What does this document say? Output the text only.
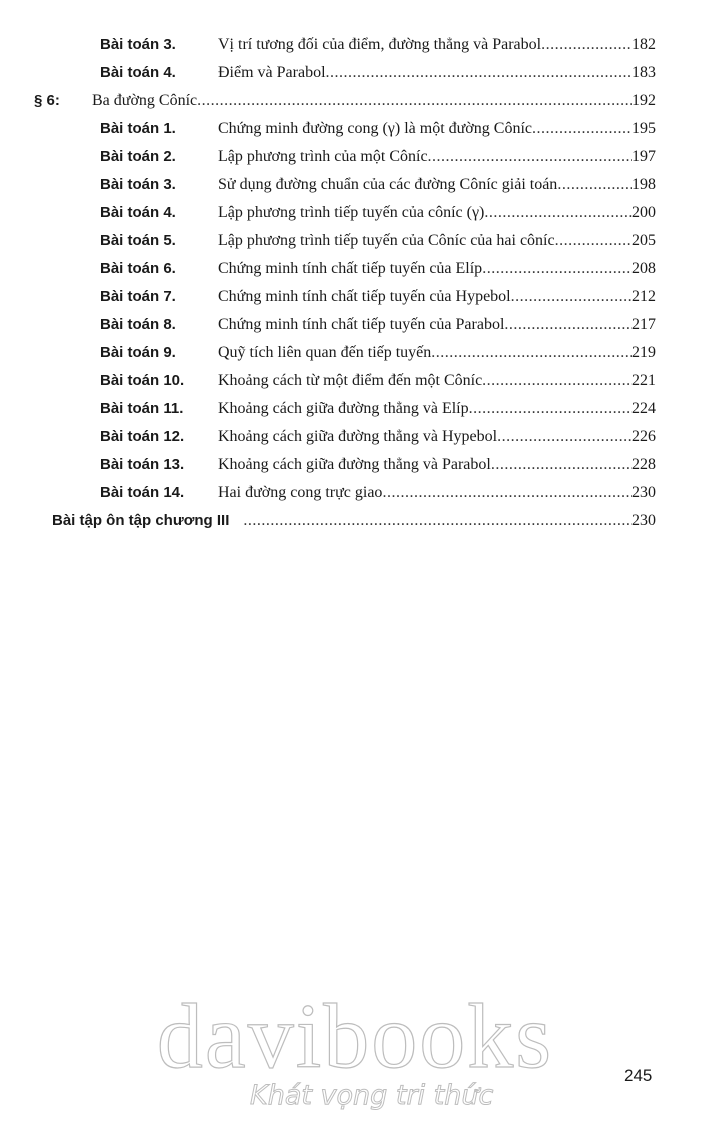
Bài toán 3.	Vị trí tương đối của điểm, đường thẳng và Parabol .....	182
Bài toán 4.	Điểm và Parabol .....	183
§ 6:	Ba đường Côníc .....	192
Bài toán 1.	Chứng minh đường cong (γ) là một đường Côníc .....	195
Bài toán 2.	Lập phương trình của một Côníc .....	197
Bài toán 3.	Sử dụng đường chuẩn của các đường Côníc giải toán .....	198
Bài toán 4.	Lập phương trình tiếp tuyến của côníc (γ) .....	200
Bài toán 5.	Lập phương trình tiếp tuyến của Côníc của hai côníc .....	205
Bài toán 6.	Chứng minh tính chất tiếp tuyến của Elíp .....	208
Bài toán 7.	Chứng minh tính chất tiếp tuyến của Hypebol .....	212
Bài toán 8.	Chứng minh tính chất tiếp tuyến của Parabol .....	217
Bài toán 9.	Quỹ tích liên quan đến tiếp tuyến .....	219
Bài toán 10.	Khoảng cách từ một điểm đến một Côníc .....	221
Bài toán 11.	Khoảng cách giữa đường thẳng và Elíp .....	224
Bài toán 12.	Khoảng cách giữa đường thẳng và Hypebol .....	226
Bài toán 13.	Khoảng cách giữa đường thẳng và Parabol .....	228
Bài toán 14.	Hai đường cong trực giao .....	230
Bài tập ôn tập chương III .....	230
davibooks
Khát vọng tri thức
245
